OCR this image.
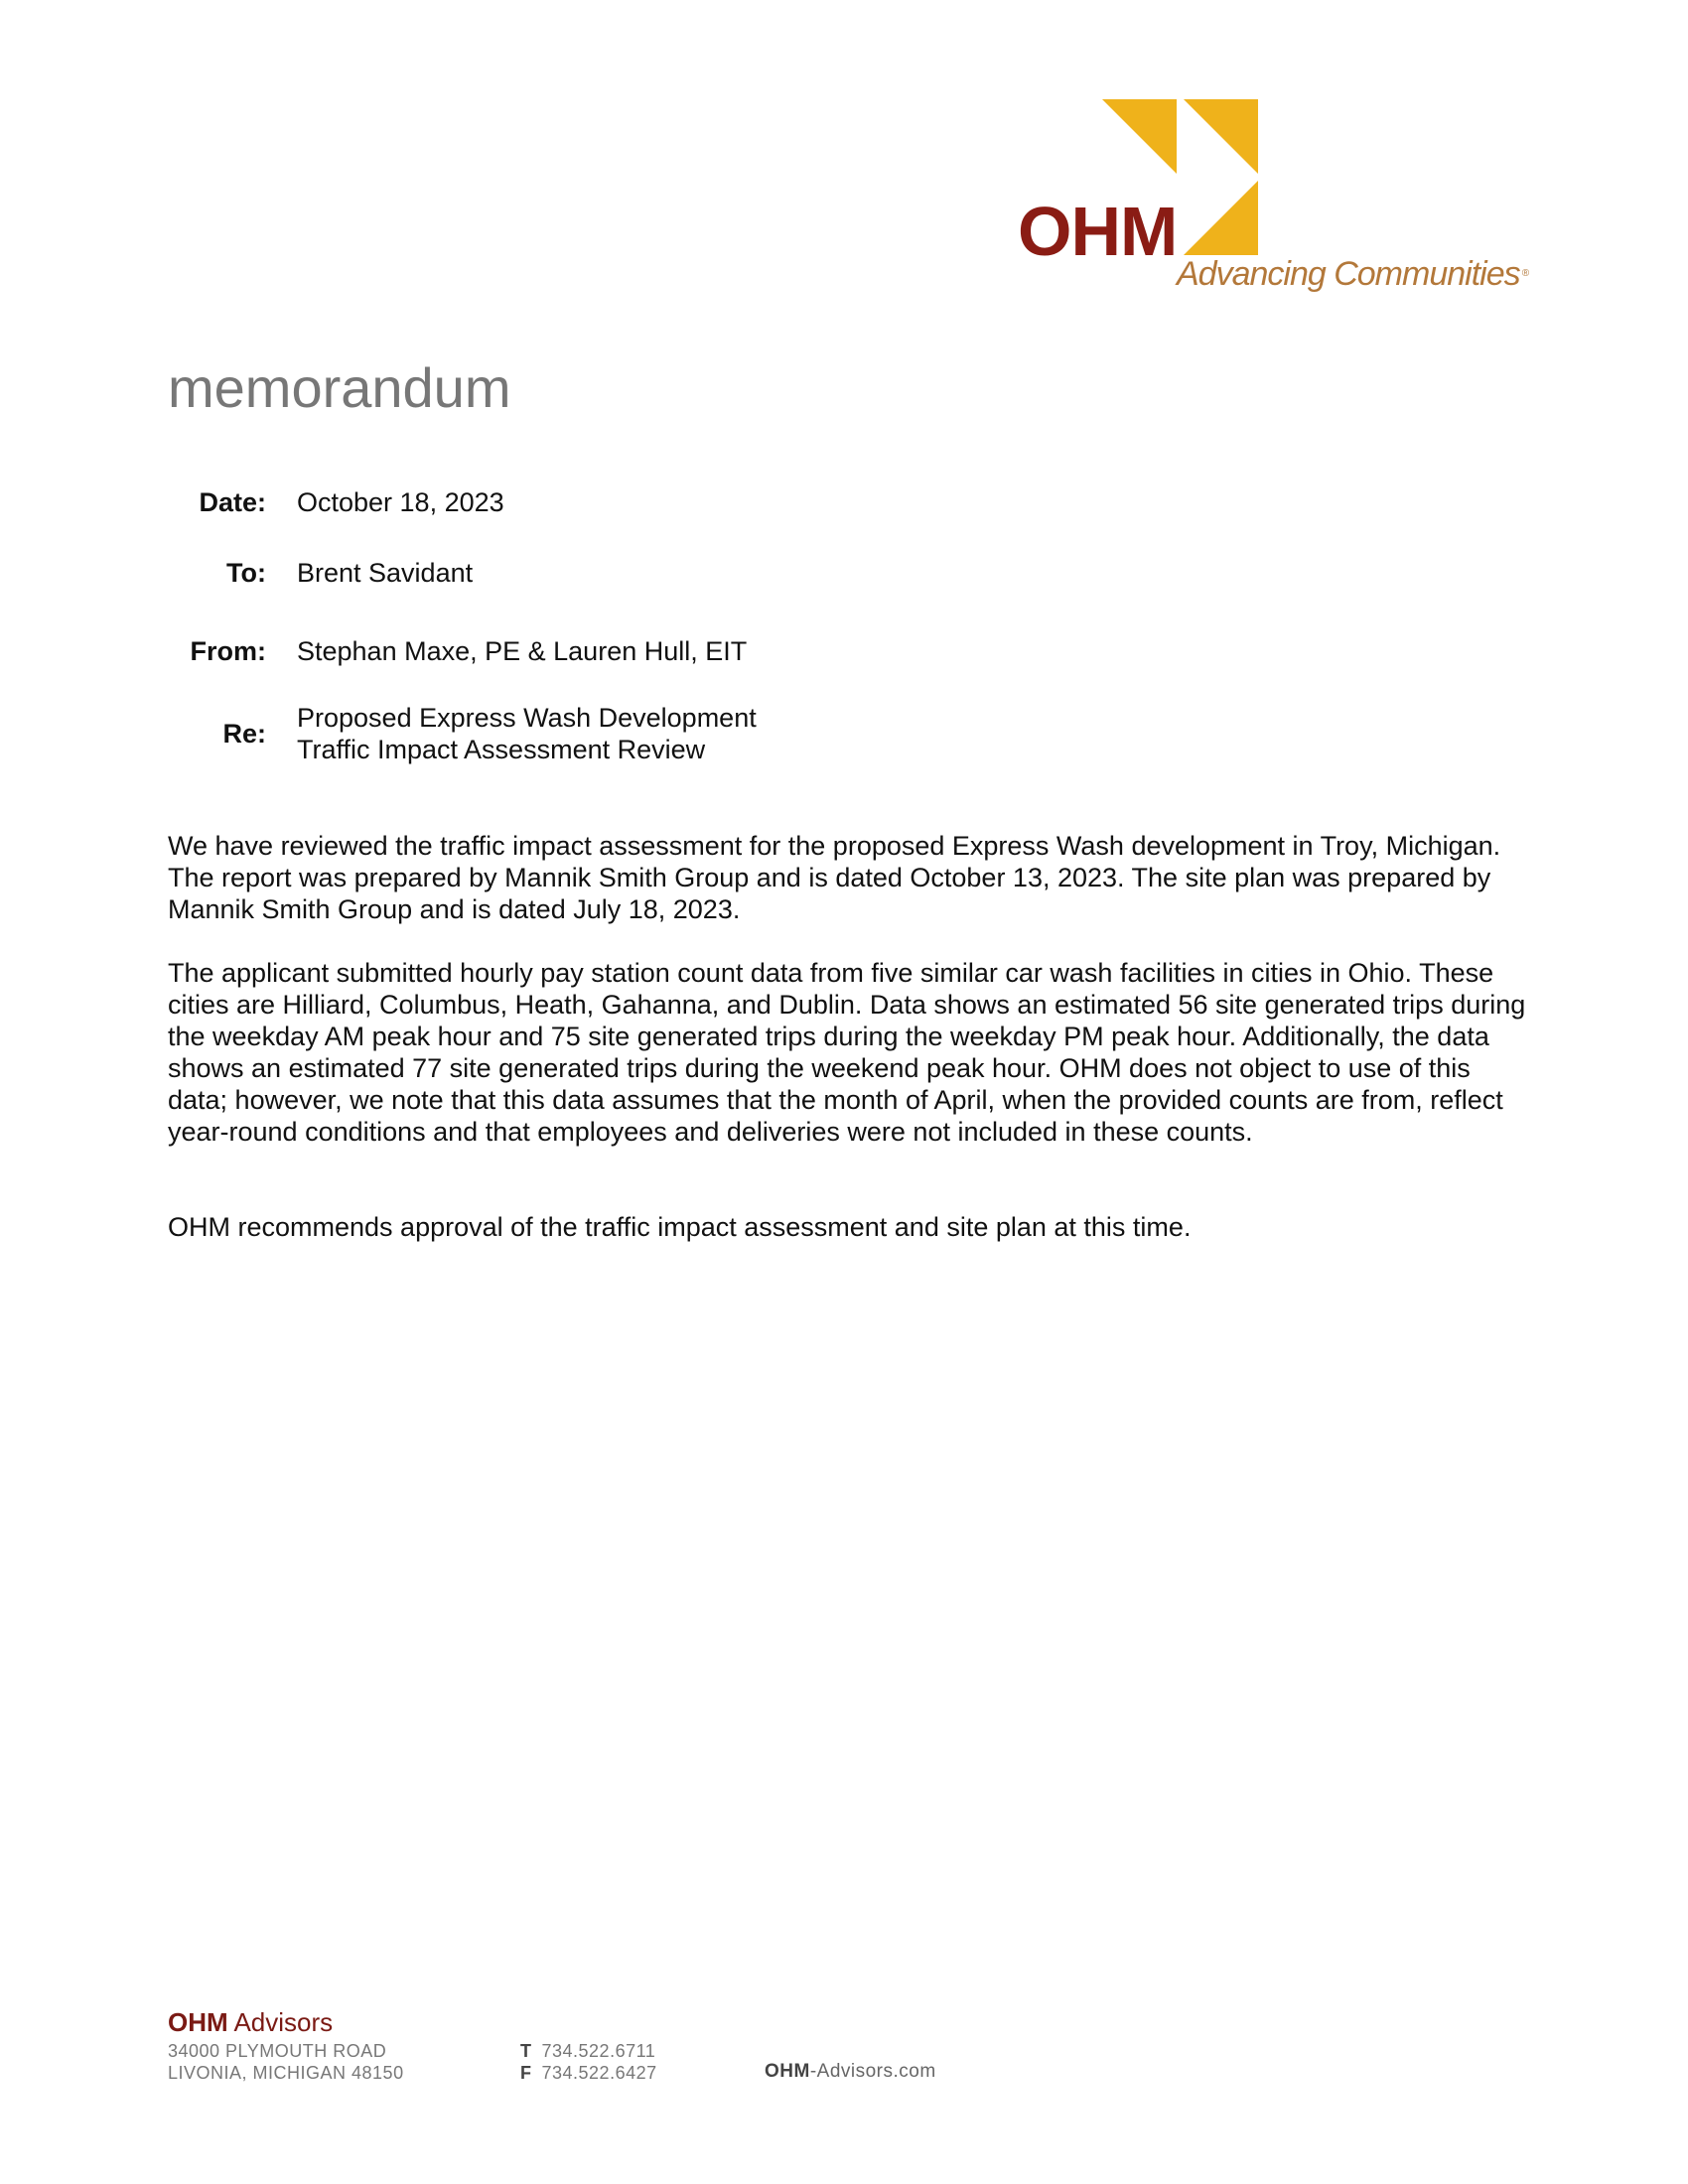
OHM
Advancing Communities ®
memorandum
Date: October 18, 2023
To: Brent Savidant
From: Stephan Maxe, PE & Lauren Hull, EIT
Re:
Proposed Express Wash Development
Traffic Impact Assessment Review

We have reviewed the traffic impact assessment for the proposed Express Wash development in Troy, Michigan. The report was prepared by Mannik Smith Group and is dated October 13, 2023. The site plan was prepared by Mannik Smith Group and is dated July 18, 2023.

The applicant submitted hourly pay station count data from five similar car wash facilities in cities in Ohio. These cities are Hilliard, Columbus, Heath, Gahanna, and Dublin. Data shows an estimated 56 site generated trips during the weekday AM peak hour and 75 site generated trips during the weekday PM peak hour. Additionally, the data shows an estimated 77 site generated trips during the weekend peak hour. OHM does not object to use of this data; however, we note that this data assumes that the month of April, when the provided counts are from, reflect year-round conditions and that employees and deliveries were not included in these counts.

OHM recommends approval of the traffic impact assessment and site plan at this time.

OHM Advisors
34000 PLYMOUTH ROAD
LIVONIA, MICHIGAN 48150
T 734.522.6711
F 734.522.6427	OHM-Advisors.com
